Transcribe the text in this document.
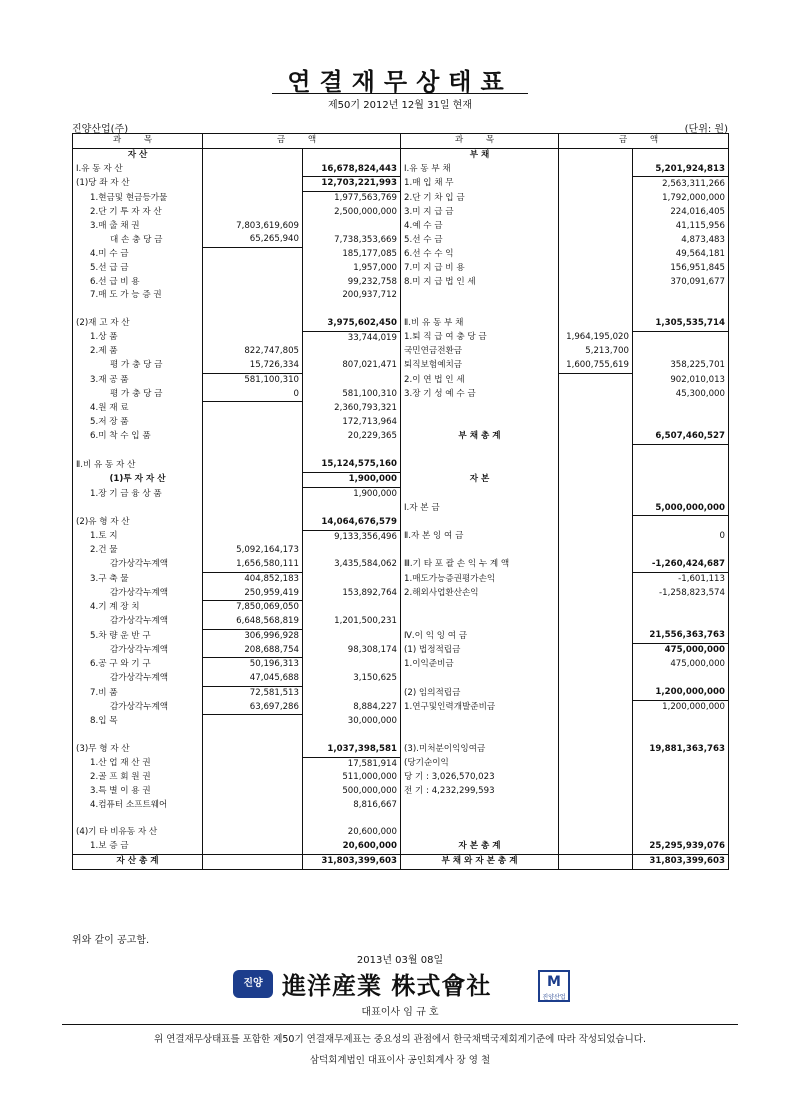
연결재무상태표
제50기 2012년 12월 31일 현재
진양산업(주)	(단위: 원)
과 목	금 액		과 목	금 액	
자 산			부 채		
Ⅰ.유 동 자 산		16,678,824,443	Ⅰ.유 동 부 채		5,201,924,813
(1)당 좌 자 산		12,703,221,993	1.매 입 채 무		2,563,311,266
1.현금및 현금등가물		1,977,563,769	2.단 기 차 입 금		1,792,000,000
2.단 기 투 자 자 산		2,500,000,000	3.미 지 급 금		224,016,405
3.매 출 채 권	7,803,619,609		4.예 수 금		41,115,956
대 손 충 당 금	65,265,940	7,738,353,669	5.선 수 금		4,873,483
4.미 수 금		185,177,085	6.선 수 수 익		49,564,181
5.선 급 금		1,957,000	7.미 지 급 비 용		156,951,845
6.선 급 비 용		99,232,758	8.미 지 급 법 인 세		370,091,677
7.매 도 가 능 증 권		200,937,712			

(2)재 고 자 산		3,975,602,450	Ⅱ.비 유 동 부 채		1,305,535,714
1.상 품		33,744,019	1.퇴 직 급 여 충 당 금	1,964,195,020	
2.제 품	822,747,805		국민연금전환금	5,213,700	
평 가 충 당 금	15,726,334	807,021,471	퇴직보험예치금	1,600,755,619	358,225,701
3.재 공 품	581,100,310		2.이 연 법 인 세		902,010,013
평 가 충 당 금	0	581,100,310	3.장 기 성 예 수 금		45,300,000
4.원 재 료		2,360,793,321			
5.저 장 품		172,713,964			
6.미 착 수 입 품		20,229,365	부 채 총 계		6,507,460,527

Ⅱ.비 유 동 자 산		15,124,575,160			
(1)투 자 자 산		1,900,000	자 본		
1.장 기 금 융 상 품		1,900,000			
			Ⅰ.자 본 금		5,000,000,000
(2)유 형 자 산		14,064,676,579			
1.토 지		9,133,356,496	Ⅱ.자 본 잉 여 금		0
2.건 물	5,092,164,173				
감가상각누계액	1,656,580,111	3,435,584,062	Ⅲ.기 타 포 괄 손 익 누 계 액		-1,260,424,687
3.구 축 물	404,852,183		1.매도가능증권평가손익		-1,601,113
감가상각누계액	250,959,419	153,892,764	2.해외사업환산손익		-1,258,823,574
4.기 계 장 치	7,850,069,050				
감가상각누계액	6,648,568,819	1,201,500,231			
5.차 량 운 반 구	306,996,928		Ⅳ.이 익 잉 여 금		21,556,363,763
감가상각누계액	208,688,754	98,308,174	(1) 법정적립금		475,000,000
6.공 구 와 기 구	50,196,313		1.이익준비금		475,000,000
감가상각누계액	47,045,688	3,150,625			
7.비 품	72,581,513		(2) 임의적립금		1,200,000,000
감가상각누계액	63,697,286	8,884,227	1.연구및인력개발준비금		1,200,000,000
8.입 목		30,000,000			

(3)무 형 자 산		1,037,398,581	(3).미처분이익잉여금		19,881,363,763
1.산 업 재 산 권		17,581,914	(당기순이익		
2.골 프 회 원 권		511,000,000	당 기 : 3,026,570,023		
3.특 별 이 용 권		500,000,000	전 기 : 4,232,299,593		
4.컴퓨터 소프트웨어		8,816,667			

(4)기 타 비유동 자 산		20,600,000			
1.보 증 금		20,600,000	자 본 총 계		25,295,939,076
자 산 총 계		31,803,399,603	부 채 와 자 본 총 계		31,803,399,603
위와 같이 공고함.
2013년 03월 08일
진양 進洋産業 株式會社	M
진양산업
대표이사 임 규 호
위 연결재무상태표를 포함한 제50기 연결재무제표는 중요성의 관점에서 한국채택국제회계기준에 따라 작성되었습니다.
삼덕회계법인 대표이사 공인회계사 장 영 철
